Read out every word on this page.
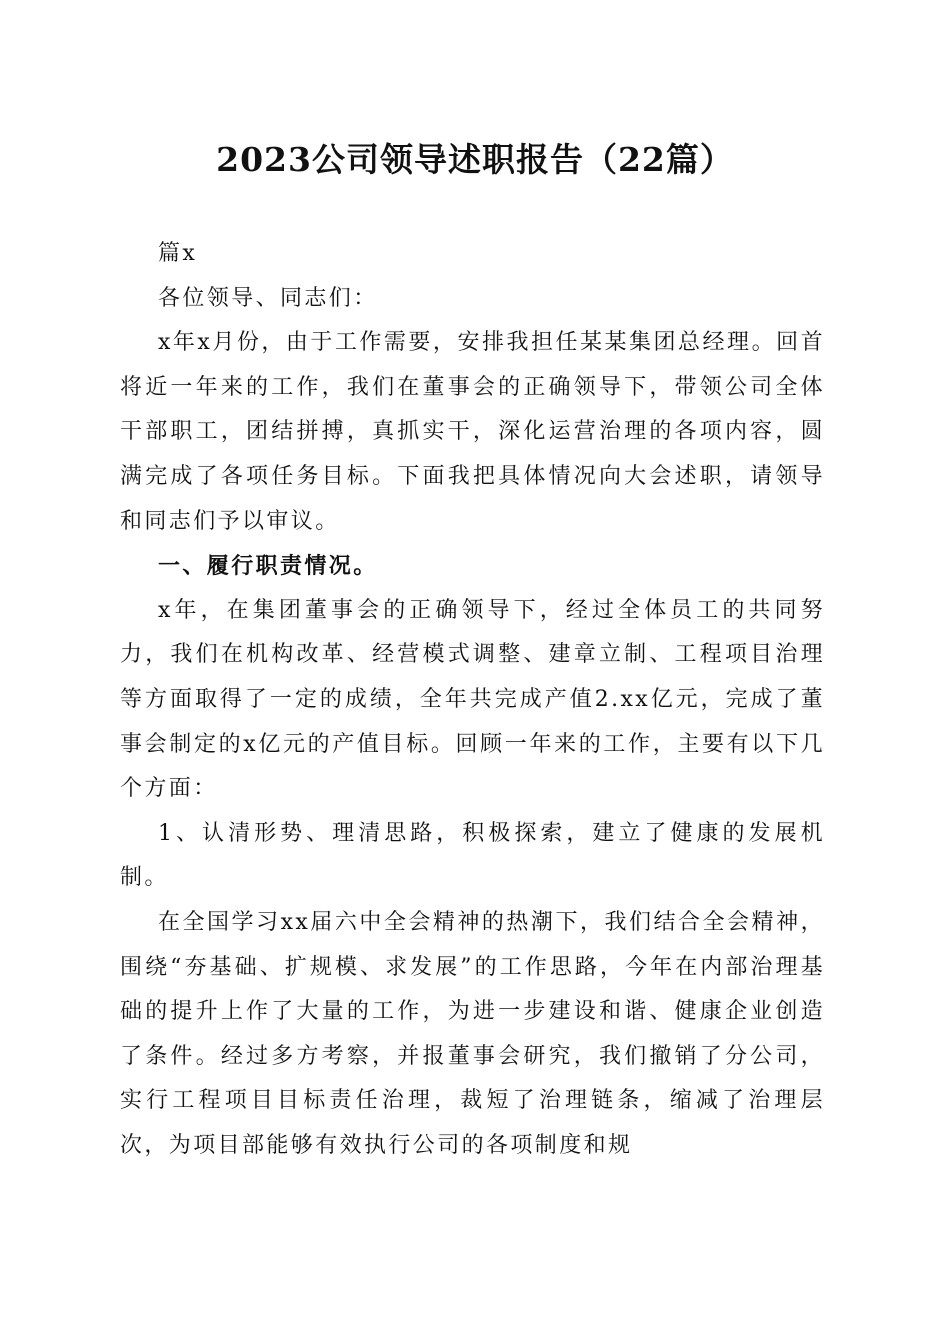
2023公司领导述职报告（22篇）

篇x

各位领导、同志们：

x年x月份，由于工作需要，安排我担任某某集团总经理。回首将近一年来的工作，我们在董事会的正确领导下，带领公司全体干部职工，团结拼搏，真抓实干，深化运营治理的各项内容，圆满完成了各项任务目标。下面我把具体情况向大会述职，请领导和同志们予以审议。

一、履行职责情况。

x年，在集团董事会的正确领导下，经过全体员工的共同努力，我们在机构改革、经营模式调整、建章立制、工程项目治理等方面取得了一定的成绩，全年共完成产值2.xx亿元，完成了董事会制定的x亿元的产值目标。回顾一年来的工作，主要有以下几个方面：

1、认清形势、理清思路，积极探索，建立了健康的发展机制。

在全国学习xx届六中全会精神的热潮下，我们结合全会精神，围绕“夯基础、扩规模、求发展”的工作思路，今年在内部治理基础的提升上作了大量的工作，为进一步建设和谐、健康企业创造了条件。经过多方考察，并报董事会研究，我们撤销了分公司，实行工程项目目标责任治理，裁短了治理链条，缩减了治理层次，为项目部能够有效执行公司的各项制度和规
